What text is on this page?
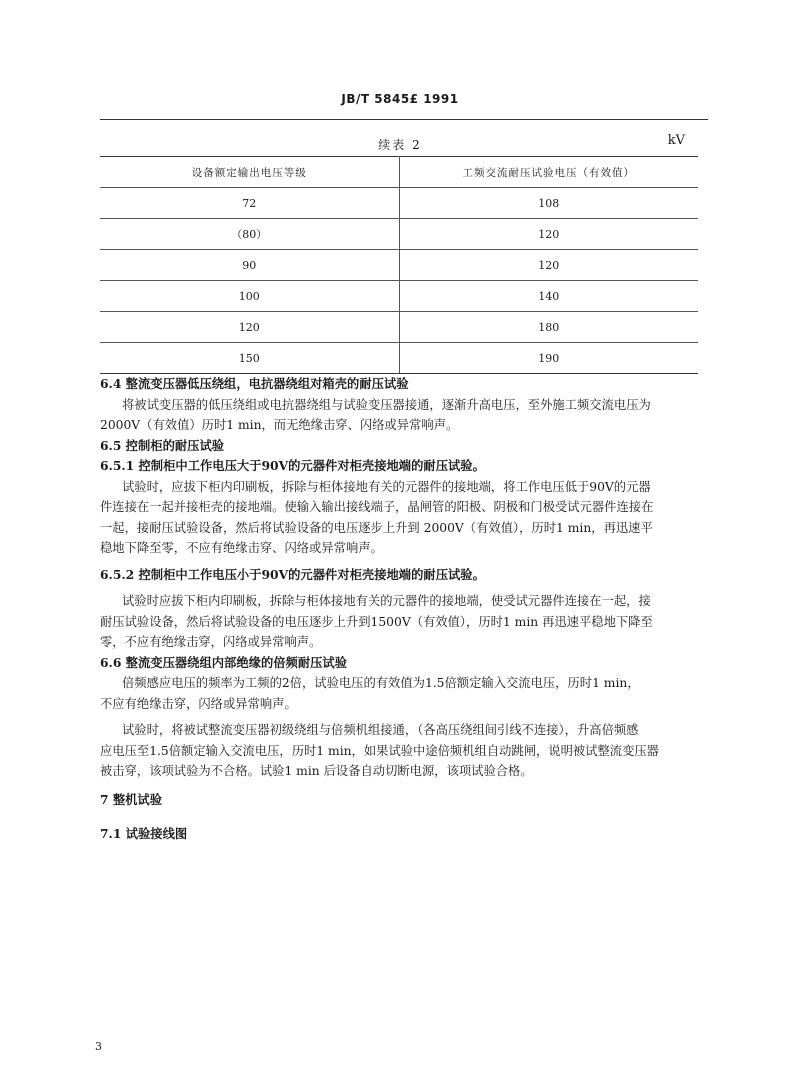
JB/T 5845£ 1991
续表 2	kV
设备额定输出电压等级	工频交流耐压试验电压（有效值）
72	108
（80）	120
90	120
100	140
120	180
150	190
6.4 整流变压器低压绕组，电抗器绕组对箱壳的耐压试验
将被试变压器的低压绕组或电抗器绕组与试验变压器接通，逐渐升高电压，至外施工频交流电压为
2000V（有效值）历时1 min，而无绝缘击穿、闪络或异常响声。
6.5 控制柜的耐压试验
6.5.1 控制柜中工作电压大于90V的元器件对柜壳接地端的耐压试验。
试验时，应拔下柜内印刷板，拆除与柜体接地有关的元器件的接地端，将工作电压低于90V的元器
件连接在一起并接柜壳的接地端。使输入输出接线端子，晶闸管的阳极、阴极和门极受试元器件连接在
一起，接耐压试验设备，然后将试验设备的电压逐步上升到 2000V（有效值），历时1 min，再迅速平
稳地下降至零，不应有绝缘击穿、闪络或异常响声。
6.5.2 控制柜中工作电压小于90V的元器件对柜壳接地端的耐压试验。
试验时应拔下柜内印刷板，拆除与柜体接地有关的元器件的接地端，使受试元器件连接在一起，接
耐压试验设备，然后将试验设备的电压逐步上升到1500V（有效值），历时1 min 再迅速平稳地下降至
零，不应有绝缘击穿，闪络或异常响声。
6.6 整流变压器绕组内部绝缘的倍频耐压试验
倍频感应电压的频率为工频的2倍，试验电压的有效值为1.5倍额定输入交流电压，历时1 min，
不应有绝缘击穿，闪络或异常响声。
试验时，将被试整流变压器初级绕组与倍频机组接通，（各高压绕组间引线不连接），升高倍频感
应电压至1.5倍额定输入交流电压，历时1 min，如果试验中途倍频机组自动跳闸，说明被试整流变压器
被击穿，该项试验为不合格。试验1 min 后设备自动切断电源，该项试验合格。
7 整机试验
7.1 试验接线图
3
